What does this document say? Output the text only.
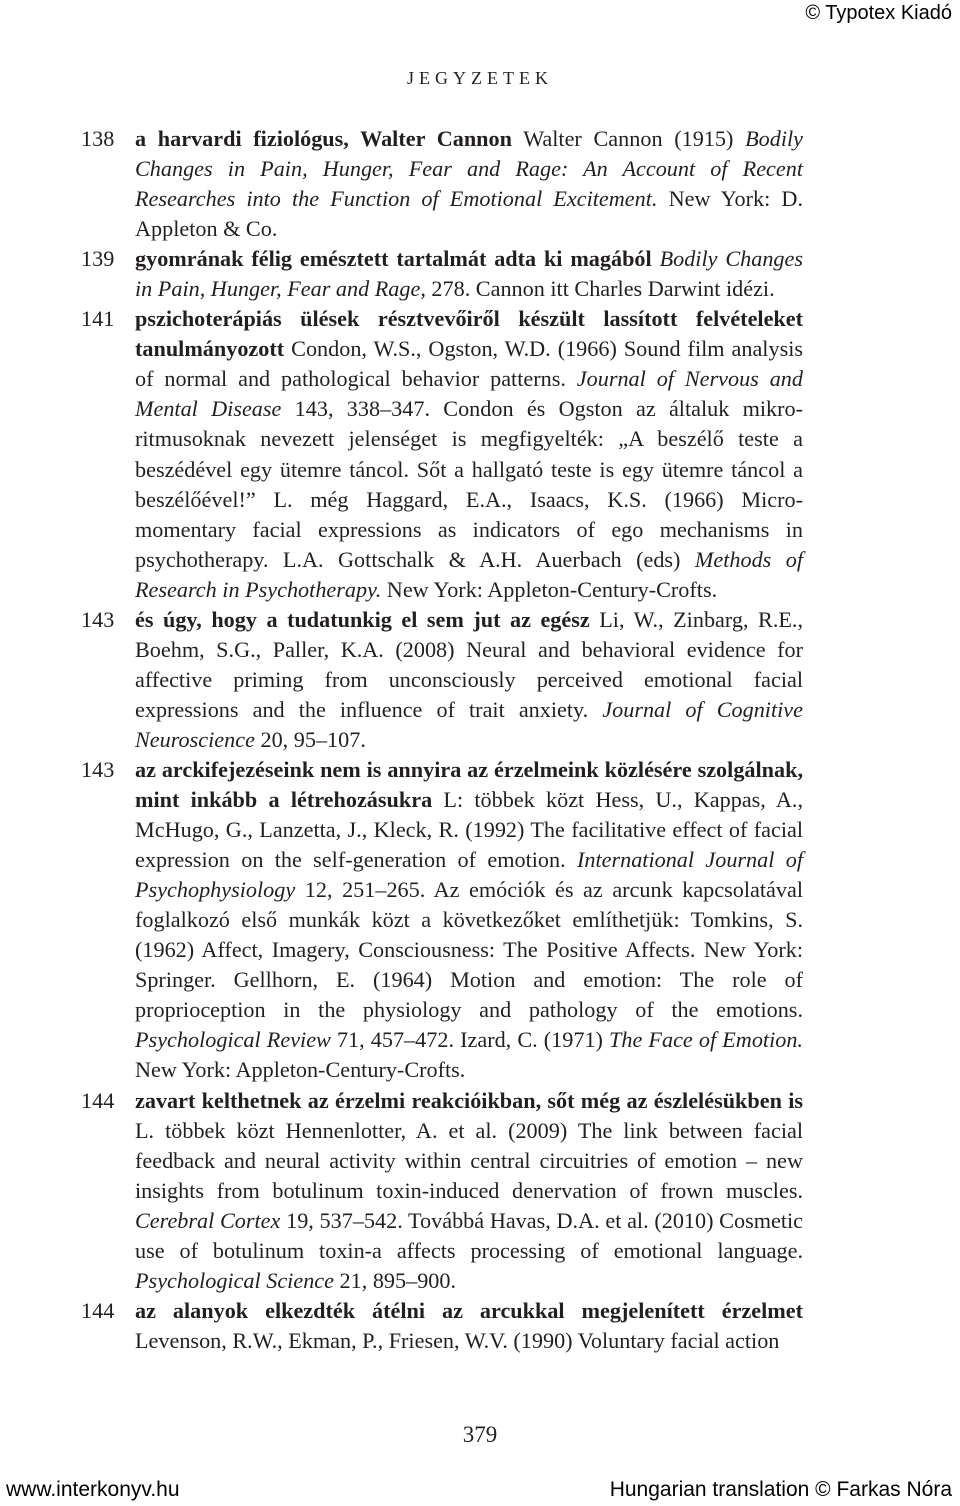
© Typotex Kiadó
JEGYZETEK
138 a harvardi fiziológus, Walter Cannon Walter Cannon (1915) Bodily Changes in Pain, Hunger, Fear and Rage: An Account of Recent Researches into the Function of Emotional Excitement. New York: D. Appleton & Co.
139 gyomrának félig emésztett tartalmát adta ki magából Bodily Changes in Pain, Hunger, Fear and Rage, 278. Cannon itt Charles Darwint idézi.
141 pszichoterápiás ülések résztvevőiről készült lassított felvételeket tanulmányozott Condon, W.S., Ogston, W.D. (1966) Sound film analysis of normal and pathological behavior patterns. Journal of Nervous and Mental Disease 143, 338–347. Condon és Ogston az általuk mikro-ritmusoknak nevezett jelenséget is megfigyelték: „A beszélő teste a beszédével egy ütemre táncol. Sőt a hallgató teste is egy ütemre táncol a beszélőével!” L. még Haggard, E.A., Isaacs, K.S. (1966) Micro-momentary facial expressions as indicators of ego mechanisms in psychotherapy. L.A. Gottschalk & A.H. Auerbach (eds) Methods of Research in Psychotherapy. New York: Appleton-Century-Crofts.
143 és úgy, hogy a tudatunkig el sem jut az egész Li, W., Zinbarg, R.E., Boehm, S.G., Paller, K.A. (2008) Neural and behavioral evidence for affective priming from unconsciously perceived emotional facial expressions and the influence of trait anxiety. Journal of Cognitive Neuroscience 20, 95–107.
143 az arckifejezéseink nem is annyira az érzelmeink közlésére szolgálnak, mint inkább a létrehozásukra L: többek közt Hess, U., Kappas, A., McHugo, G., Lanzetta, J., Kleck, R. (1992) The facilitative effect of facial expression on the self-generation of emotion. International Journal of Psychophysiology 12, 251–265. Az emóciók és az arcunk kapcsolatával foglalkozó első munkák közt a következőket említhetjük: Tomkins, S. (1962) Affect, Imagery, Consciousness: The Positive Affects. New York: Springer. Gellhorn, E. (1964) Motion and emotion: The role of proprioception in the physiology and pathology of the emotions. Psychological Review 71, 457–472. Izard, C. (1971) The Face of Emotion. New York: Appleton-Century-Crofts.
144 zavart kelthetnek az érzelmi reakcióikban, sőt még az észlelésükben is L. többek közt Hennenlotter, A. et al. (2009) The link between facial feedback and neural activity within central circuitries of emotion – new insights from botulinum toxin-induced denervation of frown muscles. Cerebral Cortex 19, 537–542. Továbbá Havas, D.A. et al. (2010) Cosmetic use of botulinum toxin-a affects processing of emotional language. Psychological Science 21, 895–900.
144 az alanyok elkezdték átélni az arcukkal megjelenített érzelmet Levenson, R.W., Ekman, P., Friesen, W.V. (1990) Voluntary facial action
379
www.interkonyv.hu	Hungarian translation © Farkas Nóra
